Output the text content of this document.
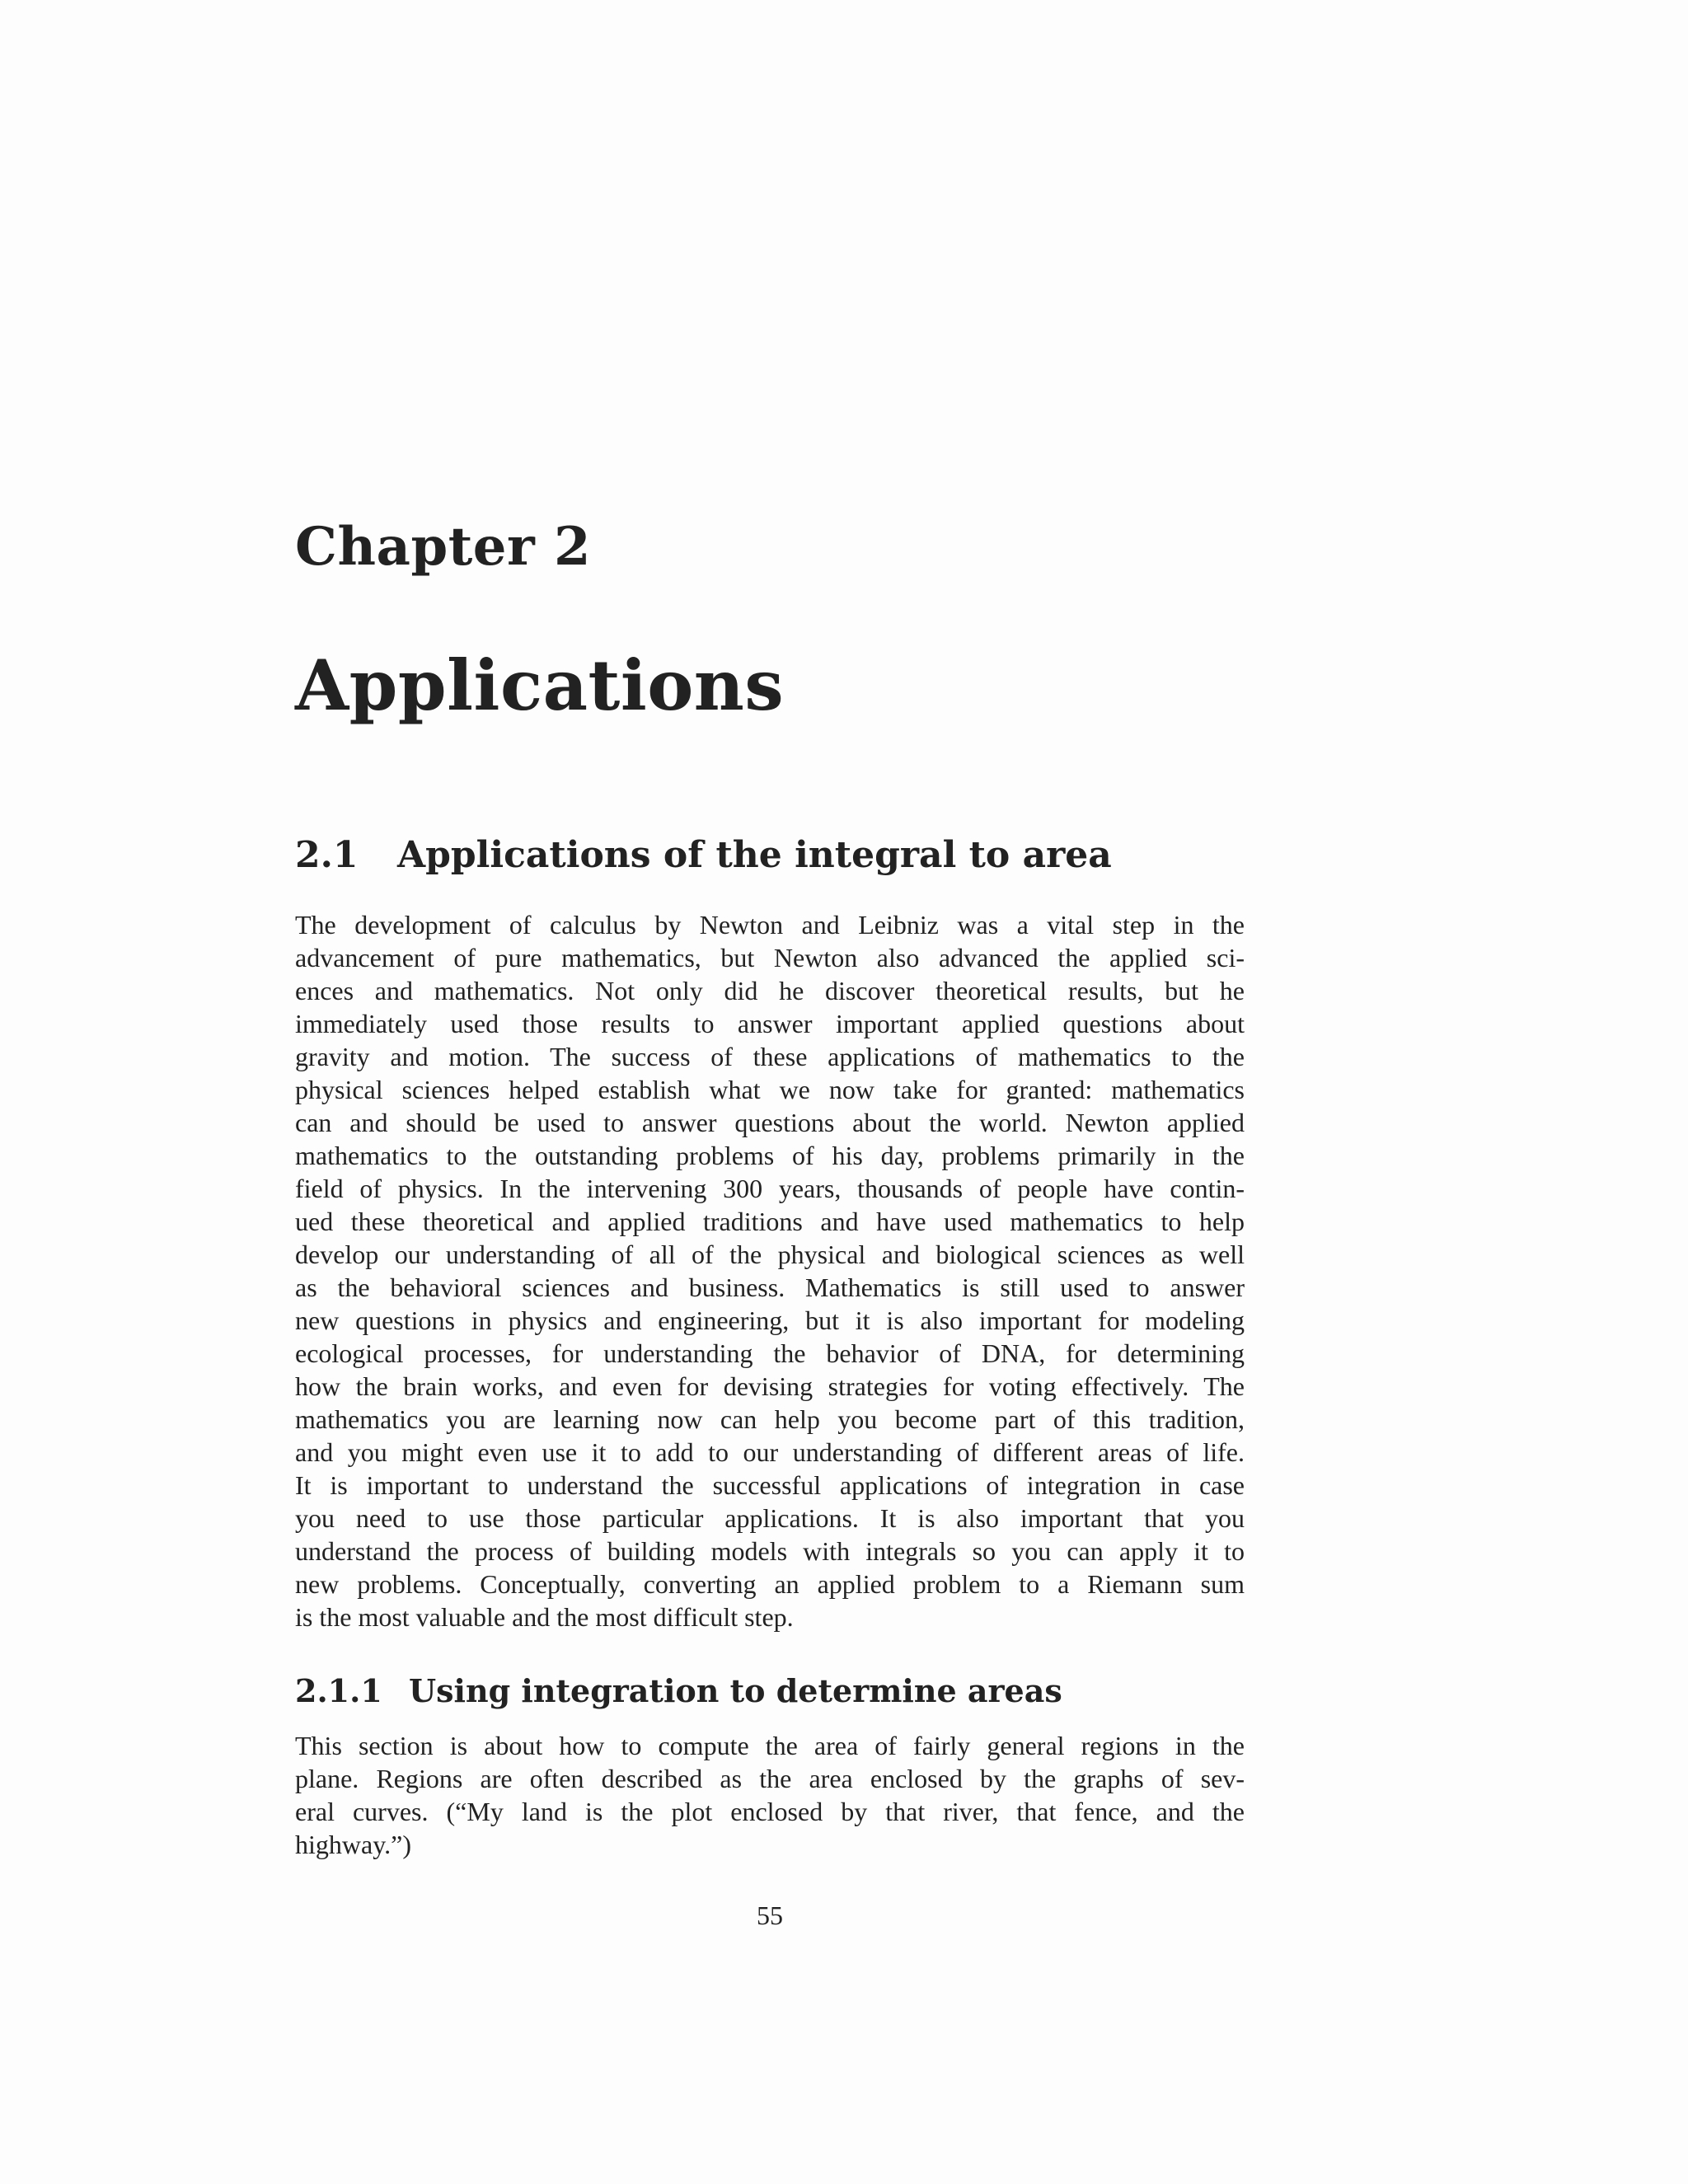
Chapter 2
Applications
2.1 Applications of the integral to area
The development of calculus by Newton and Leibniz was a vital step in the
advancement of pure mathematics, but Newton also advanced the applied sci-
ences and mathematics. Not only did he discover theoretical results, but he
immediately used those results to answer important applied questions about
gravity and motion. The success of these applications of mathematics to the
physical sciences helped establish what we now take for granted: mathematics
can and should be used to answer questions about the world. Newton applied
mathematics to the outstanding problems of his day, problems primarily in the
field of physics. In the intervening 300 years, thousands of people have contin-
ued these theoretical and applied traditions and have used mathematics to help
develop our understanding of all of the physical and biological sciences as well
as the behavioral sciences and business. Mathematics is still used to answer
new questions in physics and engineering, but it is also important for modeling
ecological processes, for understanding the behavior of DNA, for determining
how the brain works, and even for devising strategies for voting effectively. The
mathematics you are learning now can help you become part of this tradition,
and you might even use it to add to our understanding of different areas of life.
It is important to understand the successful applications of integration in case
you need to use those particular applications. It is also important that you
understand the process of building models with integrals so you can apply it to
new problems. Conceptually, converting an applied problem to a Riemann sum
is the most valuable and the most difficult step.
2.1.1 Using integration to determine areas
This section is about how to compute the area of fairly general regions in the
plane. Regions are often described as the area enclosed by the graphs of sev-
eral curves. (“My land is the plot enclosed by that river, that fence, and the
highway.”)
55
